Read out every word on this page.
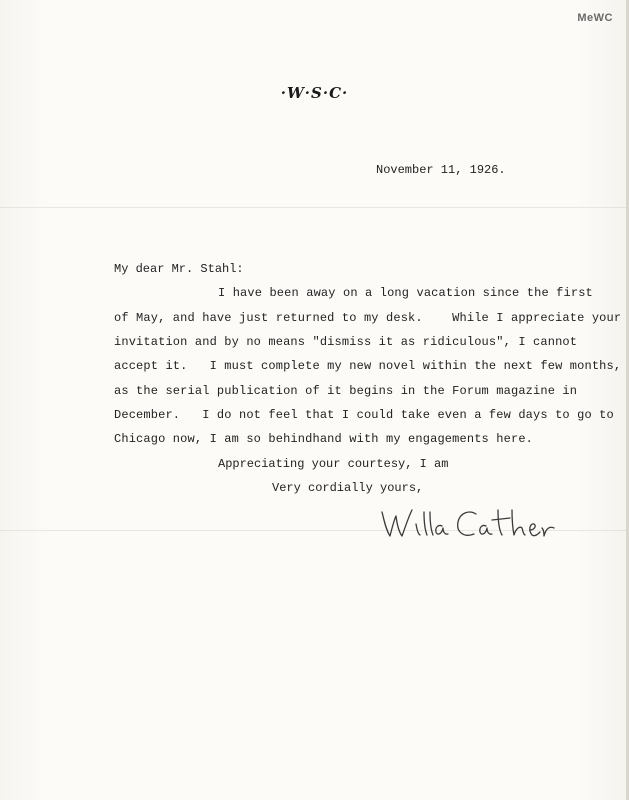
MeWC
·W·S·C·
November 11, 1926.
My dear Mr. Stahl:
I have been away on a long vacation since the first
of May, and have just returned to my desk.    While I appreciate your
invitation and by no means "dismiss it as ridiculous", I cannot
accept it.   I must complete my new novel within the next few months,
as the serial publication of it begins in the Forum magazine in
December.   I do not feel that I could take even a few days to go to
Chicago now, I am so behindhand with my engagements here.
Appreciating your courtesy, I am
Very cordially yours,
